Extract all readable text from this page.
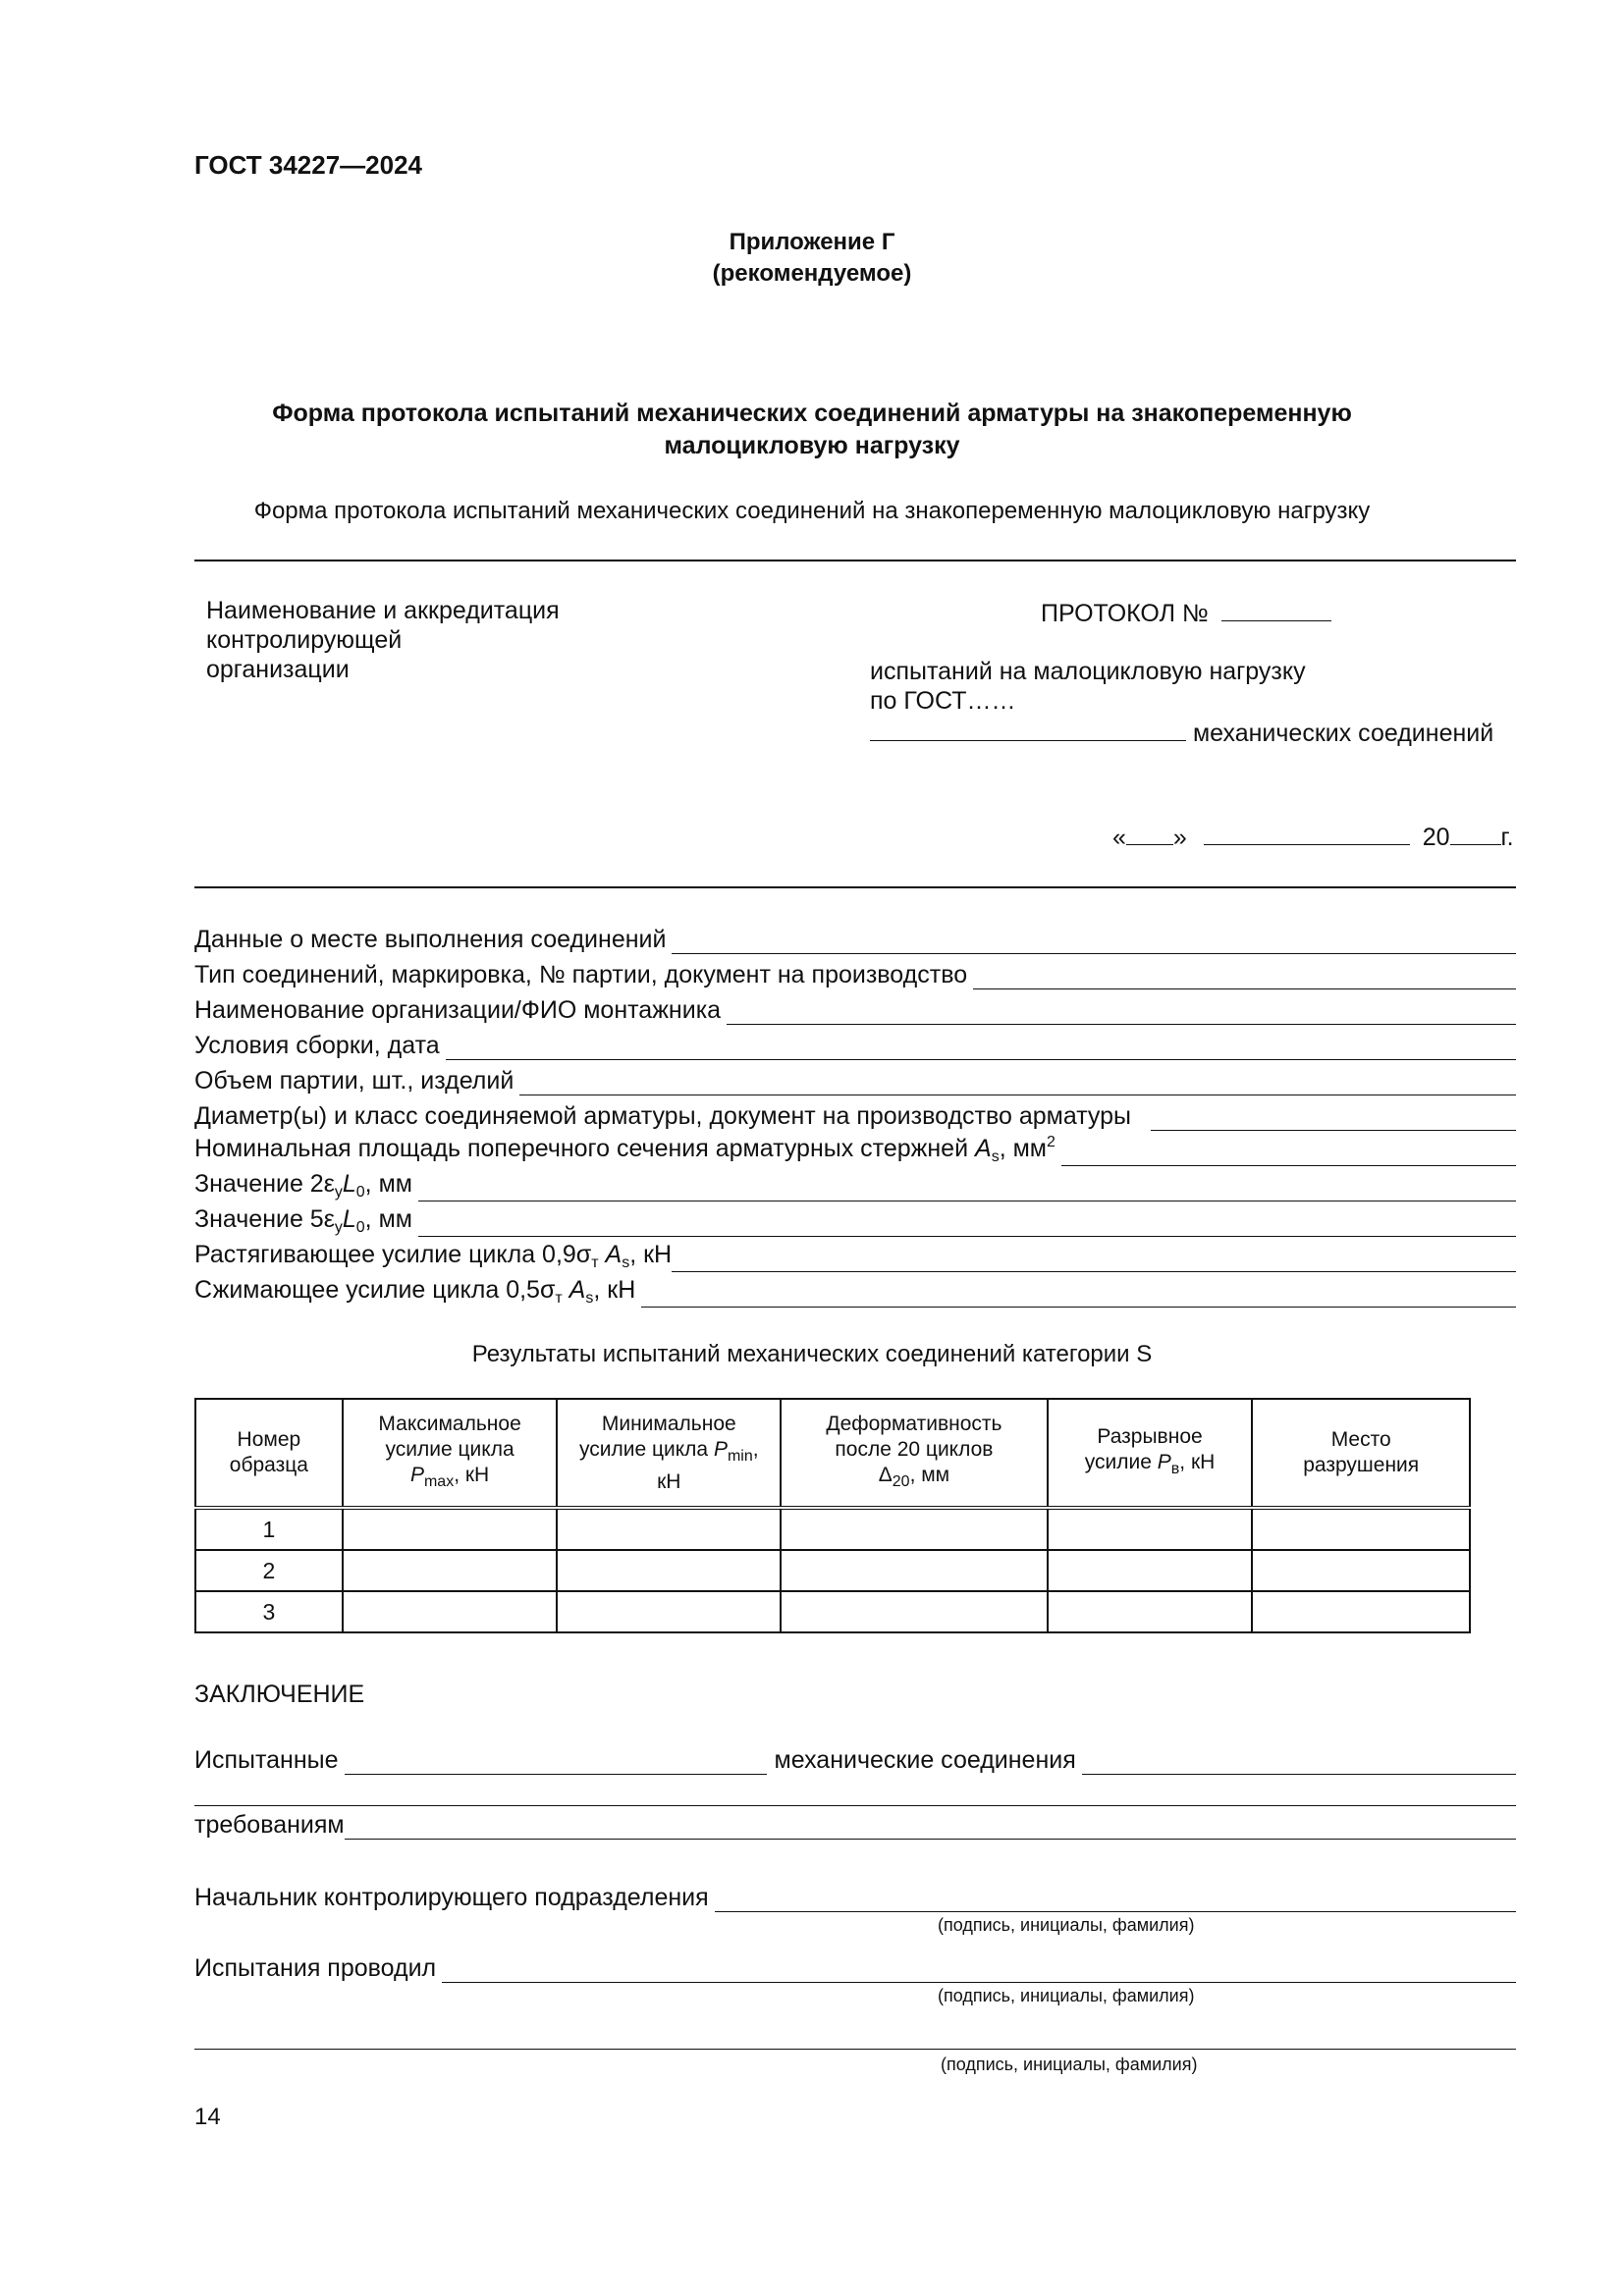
ГОСТ 34227—2024
Приложение Г
(рекомендуемое)
Форма протокола испытаний механических соединений арматуры на знакопеременную
малоцикловую нагрузку
Форма протокола испытаний механических соединений на знакопеременную малоцикловую нагрузку
Наименование и аккредитация
контролирующей
организации
ПРОТОКОЛ №
испытаний на малоцикловую нагрузку
по ГОСТ……
механических соединений
« »	20 г.
Данные о месте выполнения соединений
Тип соединений, маркировка, № партии, документ на производство
Наименование организации/ФИО монтажника
Условия сборки, дата
Объем партии, шт., изделий
Диаметр(ы) и класс соединяемой арматуры, документ на производство арматуры
Номинальная площадь поперечного сечения арматурных стержней $A_s$, $мм^2$
Значение $2\varepsilon_yL_0$, мм
Значение $5\varepsilon_yL_0$, мм
Растягивающее усилие цикла $0,9\sigma_т$ $A_s$, кН
Сжимающее усилие цикла $0,5\sigma_т$ $A_s$, кН
Результаты испытаний механических соединений категории S
Номер
образца	Максимальное
усилие цикла
$P_{max}$, кН	Минимальное
усилие цикла $P_{min}$,
кН	Деформативность
после 20 циклов
$\Delta_{20}$, мм	Разрывное
усилие $P_в$, кН	Место
разрушения
1					
2					
3					
ЗАКЛЮЧЕНИЕ
Испытанные	механические соединения
требованиям
Начальник контролирующего подразделения
(подпись, инициалы, фамилия)
Испытания проводил
(подпись, инициалы, фамилия)
(подпись, инициалы, фамилия)
14
